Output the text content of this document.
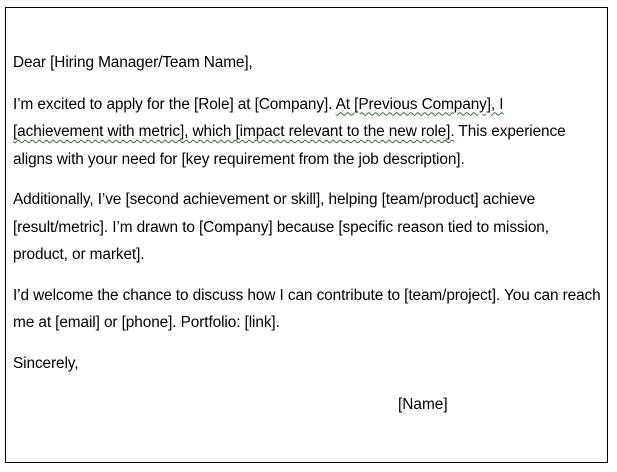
Dear [Hiring Manager/Team Name],

I’m excited to apply for the [Role] at [Company]. At [Previous Company], I
[achievement with metric], which [impact relevant to the new role]. This experience aligns with your need for [key requirement from the job description].

Additionally, I’ve [second achievement or skill], helping [team/product] achieve [result/metric]. I’m drawn to [Company] because [specific reason tied to mission, product, or market].

I’d welcome the chance to discuss how I can contribute to [team/project]. You can reach me at [email] or [phone]. Portfolio: [link].

Sincerely,

[Name]
